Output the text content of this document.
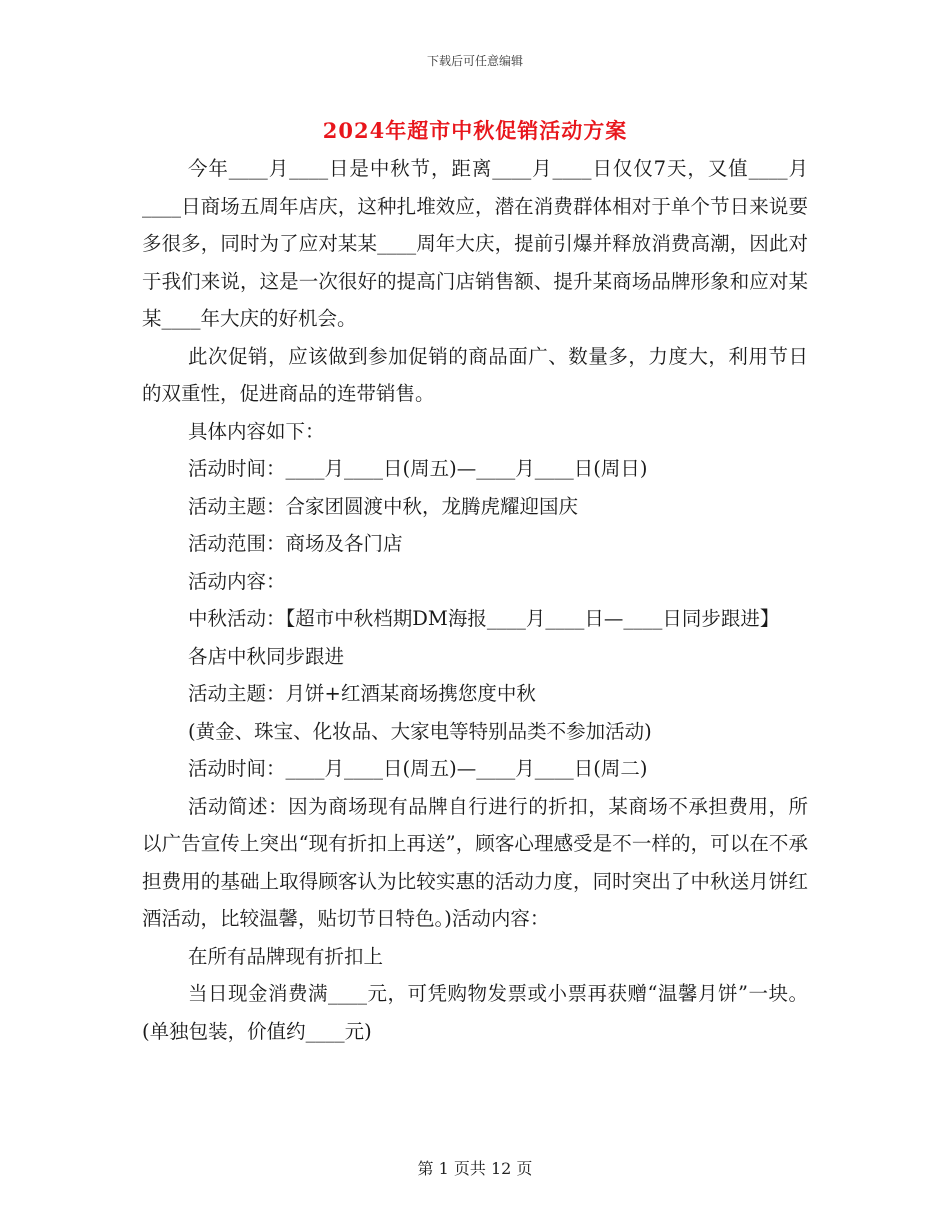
下载后可任意编辑
2024年超市中秋促销活动方案

今年____月____日是中秋节，距离____月____日仅仅7天，又值____月____日商场五周年店庆，这种扎堆效应，潜在消费群体相对于单个节日来说要多很多，同时为了应对某某____周年大庆，提前引爆并释放消费高潮，因此对于我们来说，这是一次很好的提高门店销售额、提升某商场品牌形象和应对某某____年大庆的好机会。

此次促销，应该做到参加促销的商品面广、数量多，力度大，利用节日的双重性，促进商品的连带销售。

具体内容如下：

活动时间：____月____日(周五)—____月____日(周日)

活动主题：合家团圆渡中秋，龙腾虎耀迎国庆

活动范围：商场及各门店

活动内容：

中秋活动：【超市中秋档期DM海报____月____日—____日同步跟进】

各店中秋同步跟进

活动主题：月饼+红酒某商场携您度中秋

(黄金、珠宝、化妆品、大家电等特别品类不参加活动)

活动时间：____月____日(周五)—____月____日(周二)

活动简述：因为商场现有品牌自行进行的折扣，某商场不承担费用，所以广告宣传上突出“现有折扣上再送”，顾客心理感受是不一样的，可以在不承担费用的基础上取得顾客认为比较实惠的活动力度，同时突出了中秋送月饼红酒活动，比较温馨，贴切节日特色。)活动内容：

在所有品牌现有折扣上

当日现金消费满____元，可凭购物发票或小票再获赠“温馨月饼”一块。(单独包装，价值约____元)

第 1 页共 12 页
